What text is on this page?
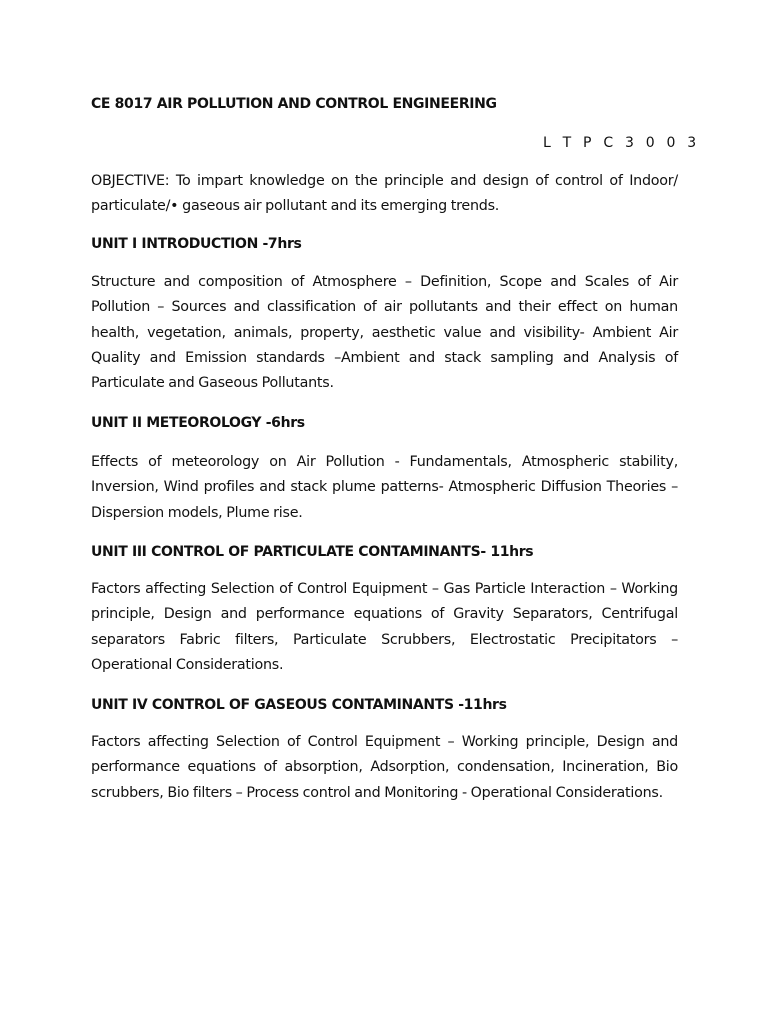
CE 8017 AIR POLLUTION AND CONTROL ENGINEERING
L T P C 3 0 0 3

OBJECTIVE: To impart knowledge on the principle and design of control of Indoor/ particulate/• gaseous air pollutant and its emerging trends.

UNIT I INTRODUCTION -7hrs

Structure and composition of Atmosphere – Definition, Scope and Scales of Air Pollution – Sources and classification of air pollutants and their effect on human health, vegetation, animals, property, aesthetic value and visibility- Ambient Air Quality and Emission standards –Ambient and stack sampling and Analysis of Particulate and Gaseous Pollutants.

UNIT II METEOROLOGY -6hrs

Effects of meteorology on Air Pollution - Fundamentals, Atmospheric stability, Inversion, Wind profiles and stack plume patterns- Atmospheric Diffusion Theories – Dispersion models, Plume rise.

UNIT III CONTROL OF PARTICULATE CONTAMINANTS- 11hrs

Factors affecting Selection of Control Equipment – Gas Particle Interaction – Working principle, Design and performance equations of Gravity Separators, Centrifugal separators Fabric filters, Particulate Scrubbers, Electrostatic Precipitators – Operational Considerations.

UNIT IV CONTROL OF GASEOUS CONTAMINANTS -11hrs

Factors affecting Selection of Control Equipment – Working principle, Design and performance equations of absorption, Adsorption, condensation, Incineration, Bio scrubbers, Bio filters – Process control and Monitoring - Operational Considerations.
